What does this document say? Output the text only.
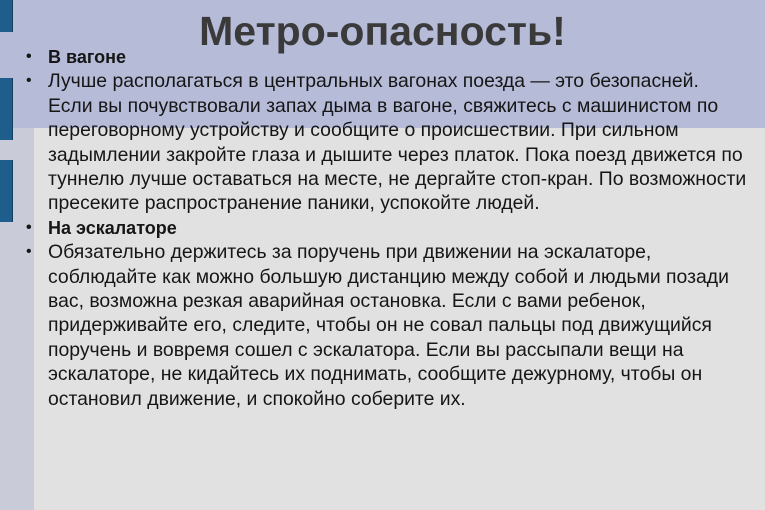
Метро-опасность!
• В вагоне
• Лучше располагаться в центральных вагонах поезда — это безопасней. Если вы почувствовали запах дыма в вагоне, свяжитесь с машинистом по переговорному устройству и сообщите о происшествии. При сильном задымлении закройте глаза и дышите через платок. Пока поезд движется по туннелю лучше оставаться на месте, не дергайте стоп-кран. По возможности пресеките распространение паники, успокойте людей.
• На эскалаторе
• Обязательно держитесь за поручень при движении на эскалаторе, соблюдайте как можно большую дистанцию между собой и людьми позади вас, возможна резкая аварийная остановка. Если с вами ребенок, придерживайте его, следите, чтобы он не совал пальцы под движущийся поручень и вовремя сошел с эскалатора. Если вы рассыпали вещи на эскалаторе, не кидайтесь их поднимать, сообщите дежурному, чтобы он остановил движение, и спокойно соберите их.
